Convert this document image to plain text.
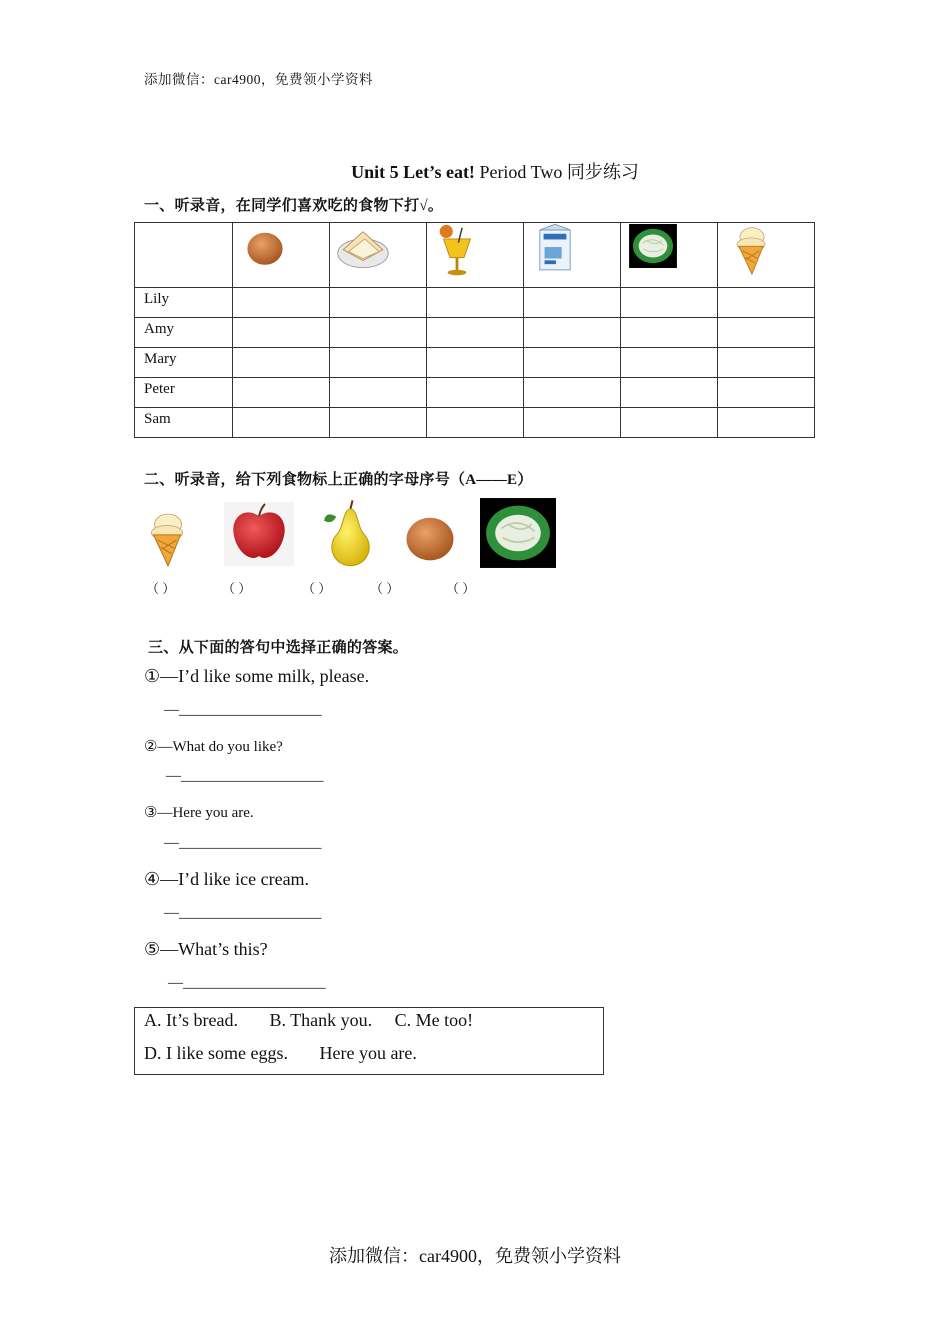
添加微信：car4900，免费领小学资料
Unit 5 Let’s eat! Period Two 同步练习
一、听录音，在同学们喜欢吃的食物下打√。

Lily						
Amy						
Mary						
Peter						
Sam						
二、听录音，给下列食物标上正确的字母序号（A——E）
（ ）	（ ）	（ ）	（ ）	（ ）
三、从下面的答句中选择正确的答案。
①—I’d like some milk, please.
—___________________
②—What do you like?
—___________________
③—Here you are.
—___________________
④—I’d like ice cream.
—___________________
⑤—What’s this?
—___________________
A. It’s bread.       B. Thank you.     C. Me too!
D. I like some eggs.       Here you are.
添加微信：car4900，免费领小学资料
